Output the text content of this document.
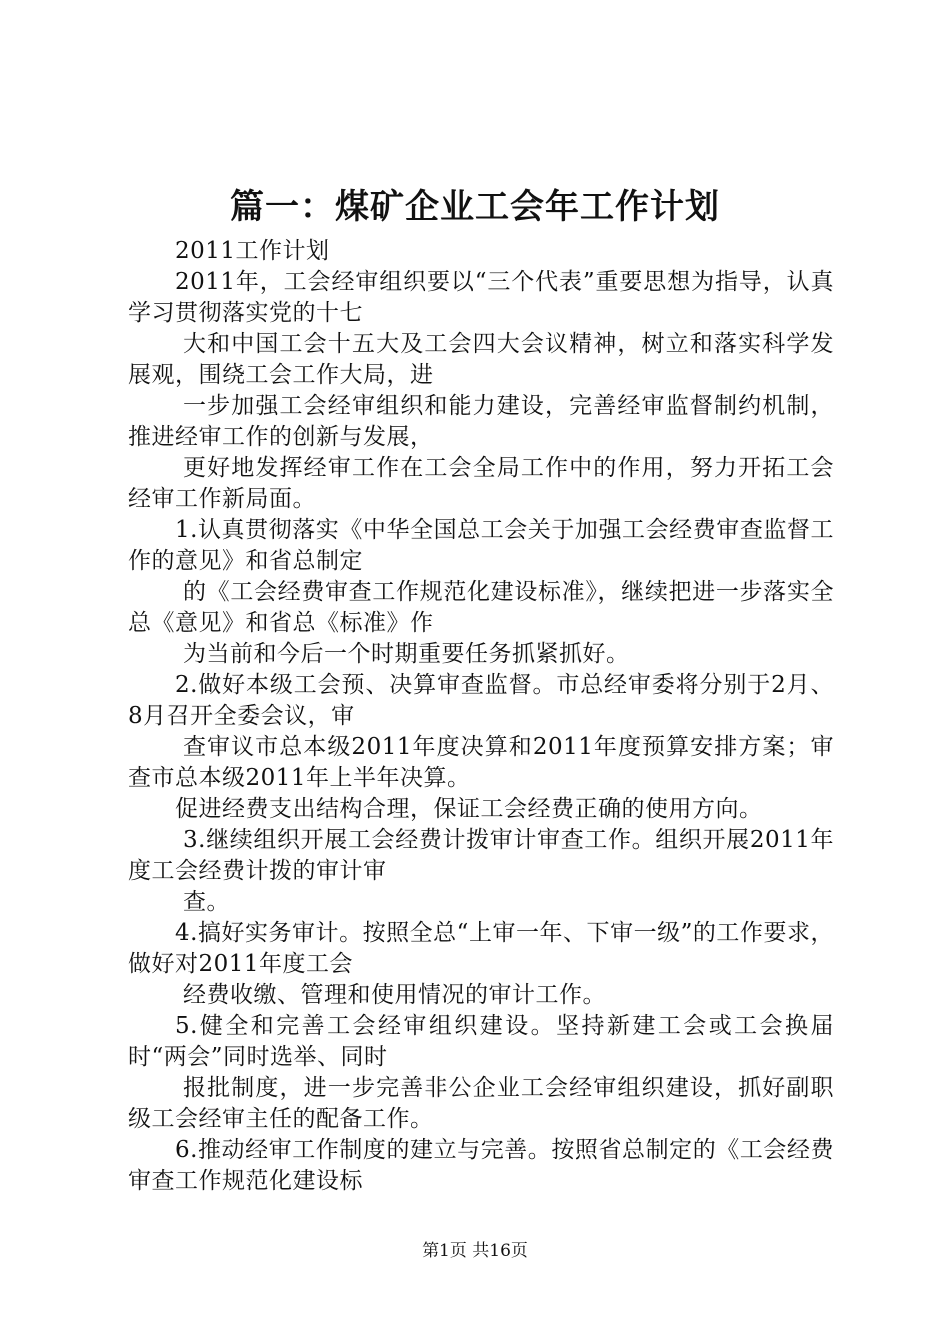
篇一：煤矿企业工会年工作计划

2011工作计划

2011年，工会经审组织要以“三个代表”重要思想为指导，认真学习贯彻落实党的十七

大和中国工会十五大及工会四大会议精神，树立和落实科学发展观，围绕工会工作大局，进

一步加强工会经审组织和能力建设，完善经审监督制约机制，推进经审工作的创新与发展，

更好地发挥经审工作在工会全局工作中的作用，努力开拓工会经审工作新局面。

1.认真贯彻落实《中华全国总工会关于加强工会经费审查监督工作的意见》和省总制定

的《工会经费审查工作规范化建设标准》，继续把进一步落实全总《意见》和省总《标准》作

为当前和今后一个时期重要任务抓紧抓好。

2.做好本级工会预、决算审查监督。市总经审委将分别于2月、8月召开全委会议，审

查审议市总本级2011年度决算和2011年度预算安排方案；审查市总本级2011年上半年决算。

促进经费支出结构合理，保证工会经费正确的使用方向。

3.继续组织开展工会经费计拨审计审查工作。组织开展2011年度工会经费计拨的审计审

查。

4.搞好实务审计。按照全总“上审一年、下审一级”的工作要求，做好对2011年度工会

经费收缴、管理和使用情况的审计工作。

5.健全和完善工会经审组织建设。坚持新建工会或工会换届时“两会”同时选举、同时

报批制度，进一步完善非公企业工会经审组织建设，抓好副职级工会经审主任的配备工作。

6.推动经审工作制度的建立与完善。按照省总制定的《工会经费审查工作规范化建设标

第1页 共16页
